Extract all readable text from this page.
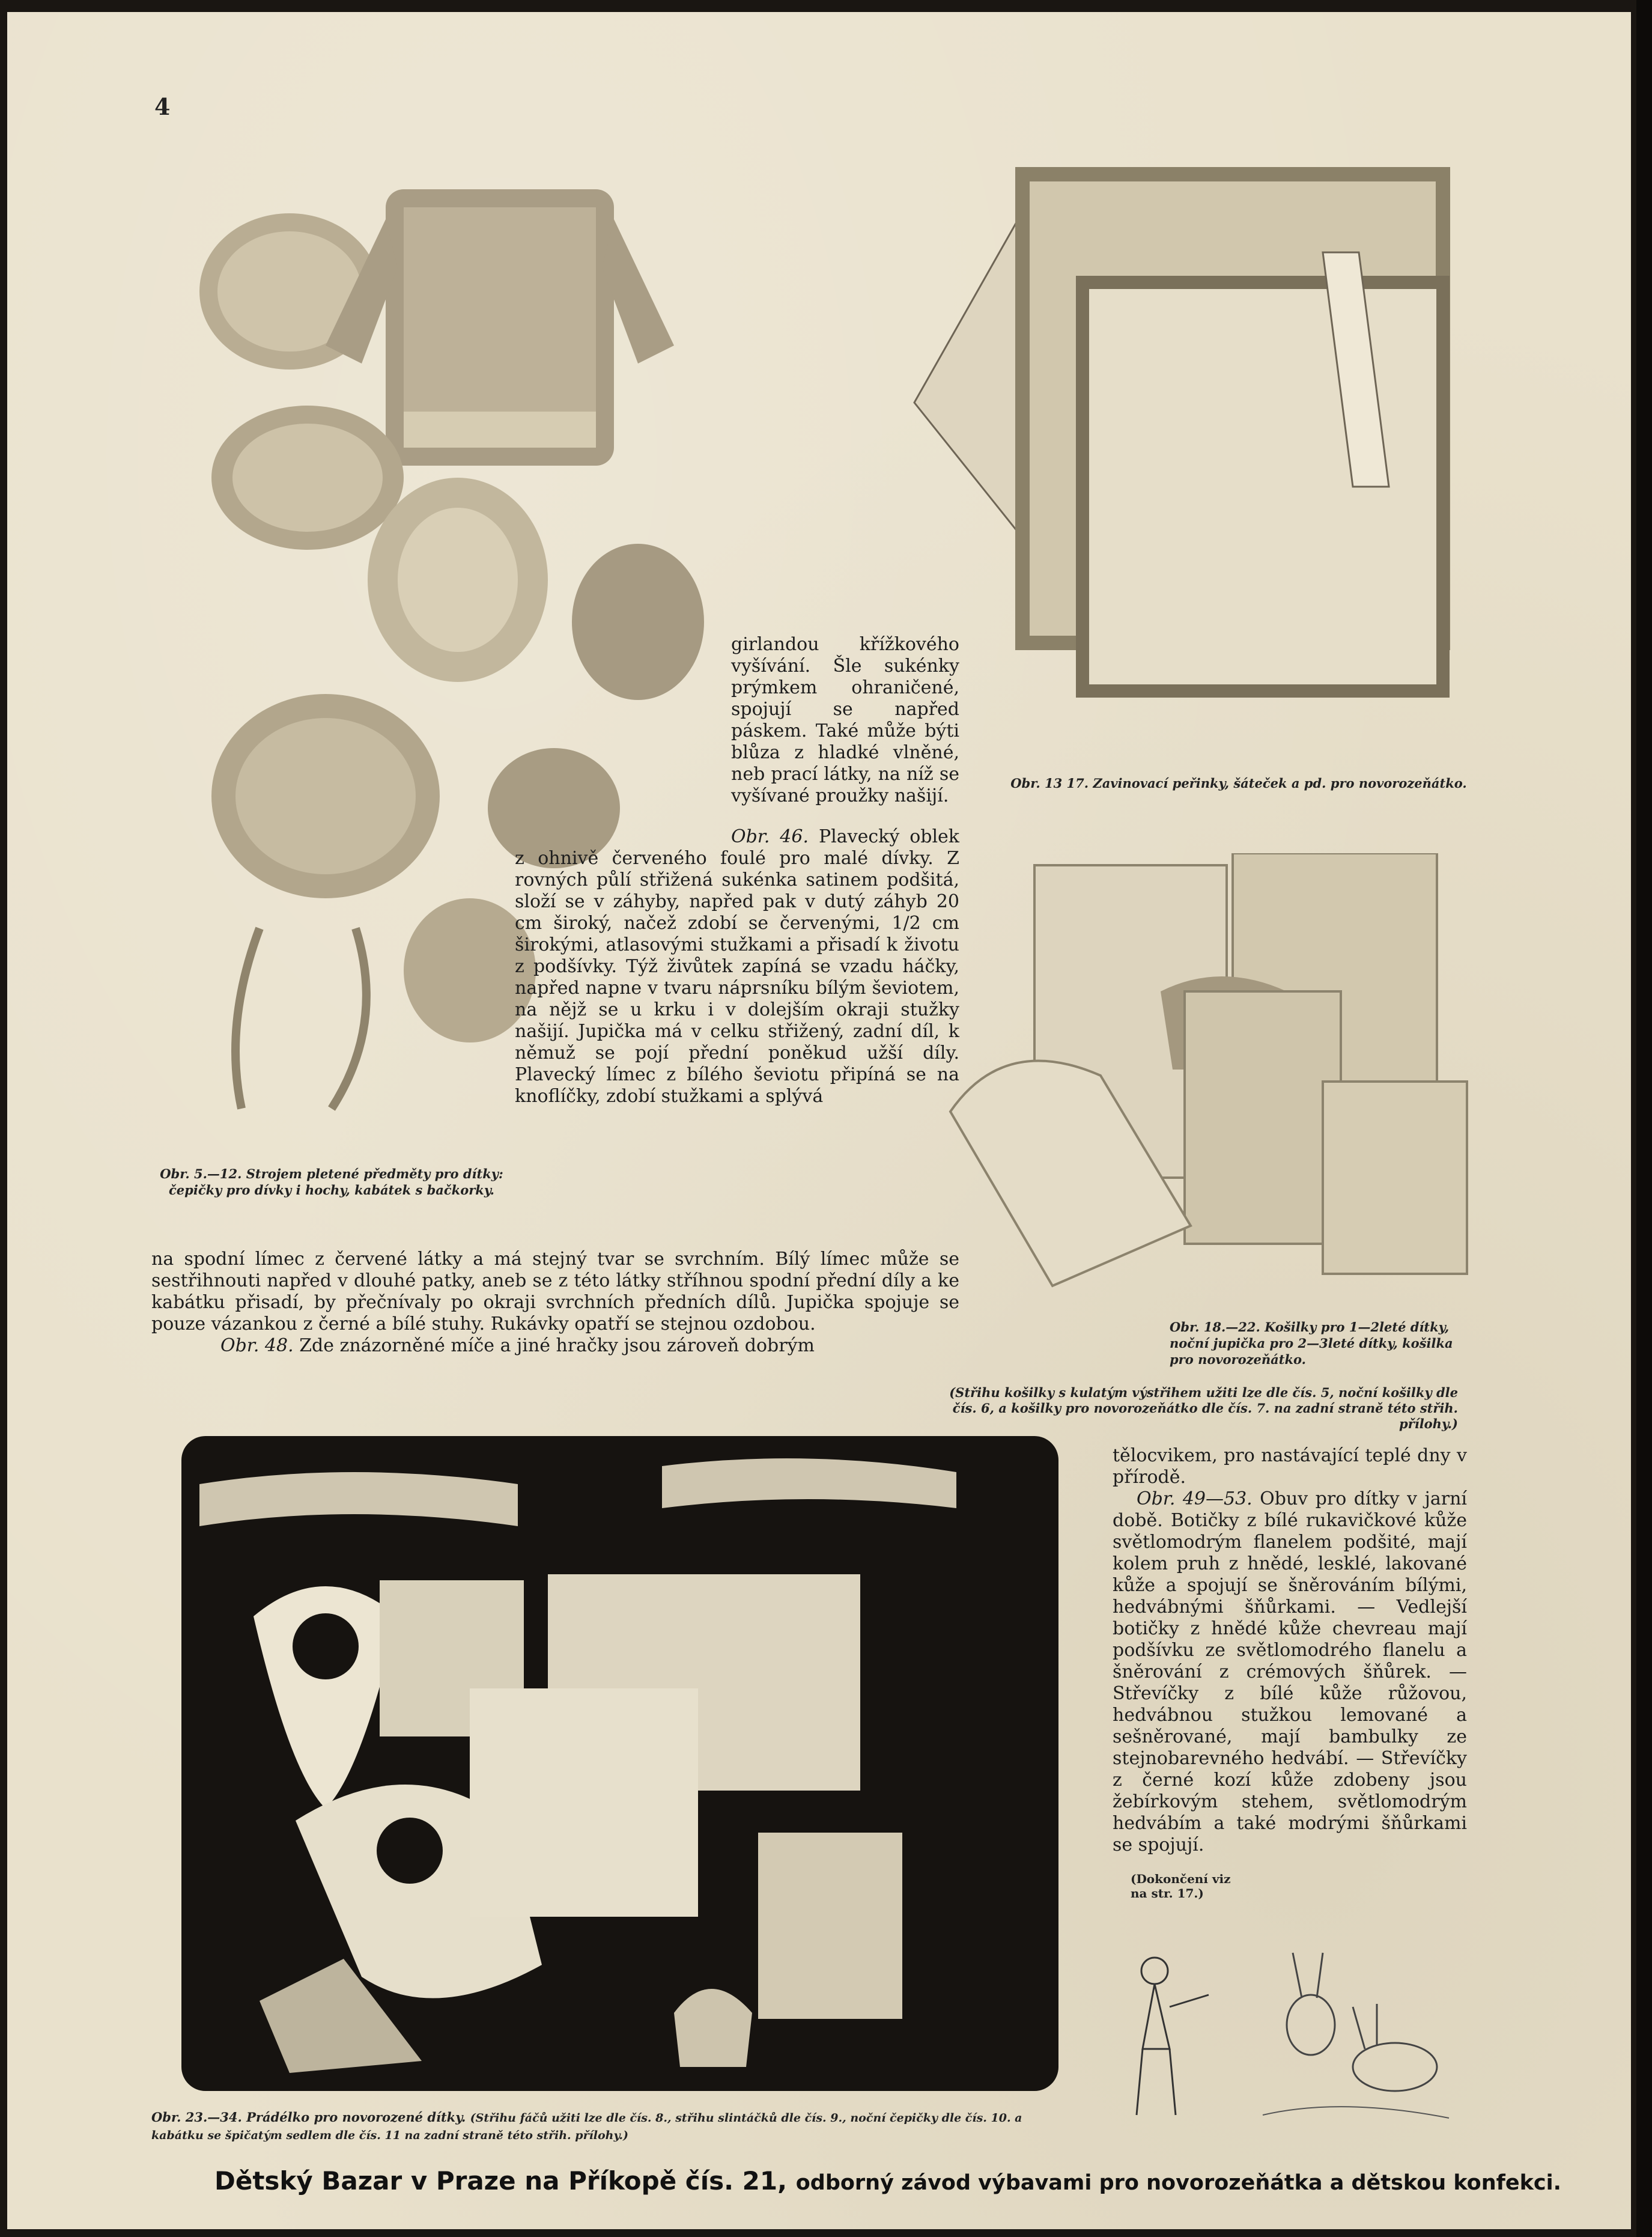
4
Obr. 13 17. Zavinovací peřinky, šáteček a pd. pro novorozeňátko.
Obr. 18.—22. Košilky pro 1—2leté dítky, noční jupička pro 2—3leté dítky, košilka pro novorozeňátko.
(Střihu košilky s kulatým výstřihem užiti lze dle čís. 5, noční košilky dle čís. 6, a košilky pro novorozeňátko dle čís. 7. na zadní straně této střih. přílohy.)
Obr. 5.—12. Strojem pletené předměty pro dítky: čepičky pro dívky i hochy, kabátek s bačkorky.

girlandou křížkového vyšívání. Šle sukénky prýmkem ohraničené, spojují se napřed páskem. Také může býti blůza z hladké vlněné, neb prací látky, na níž se vyšívané proužky našijí.

Obr. 46. Plavecký oblek z ohnivě červeného foulé pro malé dívky. Z rovných půlí střižená sukénka satinem podšitá, složí se v záhyby, napřed pak v dutý záhyb 20 cm široký, načež zdobí se červenými, 1/2 cm širokými, atlasovými stužkami a přisadí k životu z podšívky. Týž živůtek zapíná se vzadu háčky, napřed napne v tvaru náprsníku bílým ševiotem, na nějž se u krku i v dolejším okraji stužky našijí. Jupička má v celku střižený, zadní díl, k němuž se pojí přední poněkud užší díly. Plavecký límec z bílého ševiotu připíná se na knoflíčky, zdobí stužkami a splývá

na spodní límec z červené látky a má stejný tvar se svrchním. Bílý límec může se sestřihnouti napřed v dlouhé patky, aneb se z této látky stříhnou spodní přední díly a ke kabátku přisadí, by přečnívaly po okraji svrchních předních dílů. Jupička spojuje se pouze vázankou z černé a bílé stuhy. Rukávky opatří se stejnou ozdobou.

Obr. 48. Zde znázorněné míče a jiné hračky jsou zároveň dobrým

Obr. 23.—34. Prádélko pro novorozené dítky. (Střihu fáčů užiti lze dle čís. 8., střihu slintáčků dle čís. 9., noční čepičky dle čís. 10. a kabátku se špičatým sedlem dle čís. 11 na zadní straně této střih. přílohy.)

tělocvikem, pro nastávající teplé dny v přírodě.

Obr. 49—53. Obuv pro dítky v jarní době. Botičky z bílé rukavičkové kůže světlomodrým flanelem podšité, mají kolem pruh z hnědé, lesklé, lakované kůže a spojují se šněrováním bílými, hedvábnými šňůrkami. — Vedlejší botičky z hnědé kůže chevreau mají podšívku ze světlomodrého flanelu a šněrování z crémových šňůrek. — Střevíčky z bílé kůže růžovou, hedvábnou stužkou lemované a sešněrované, mají bambulky ze stejnobarevného hedvábí. — Střevíčky z černé kozí kůže zdobeny jsou žebírkovým stehem, světlomodrým hedvábím a také modrými šňůrkami se spojují.

(Dokončení viz na str. 17.)
Dětský Bazar v Praze na Příkopě čís. 21, odborný závod výbavami pro novorozeňátka a dětskou konfekci.
